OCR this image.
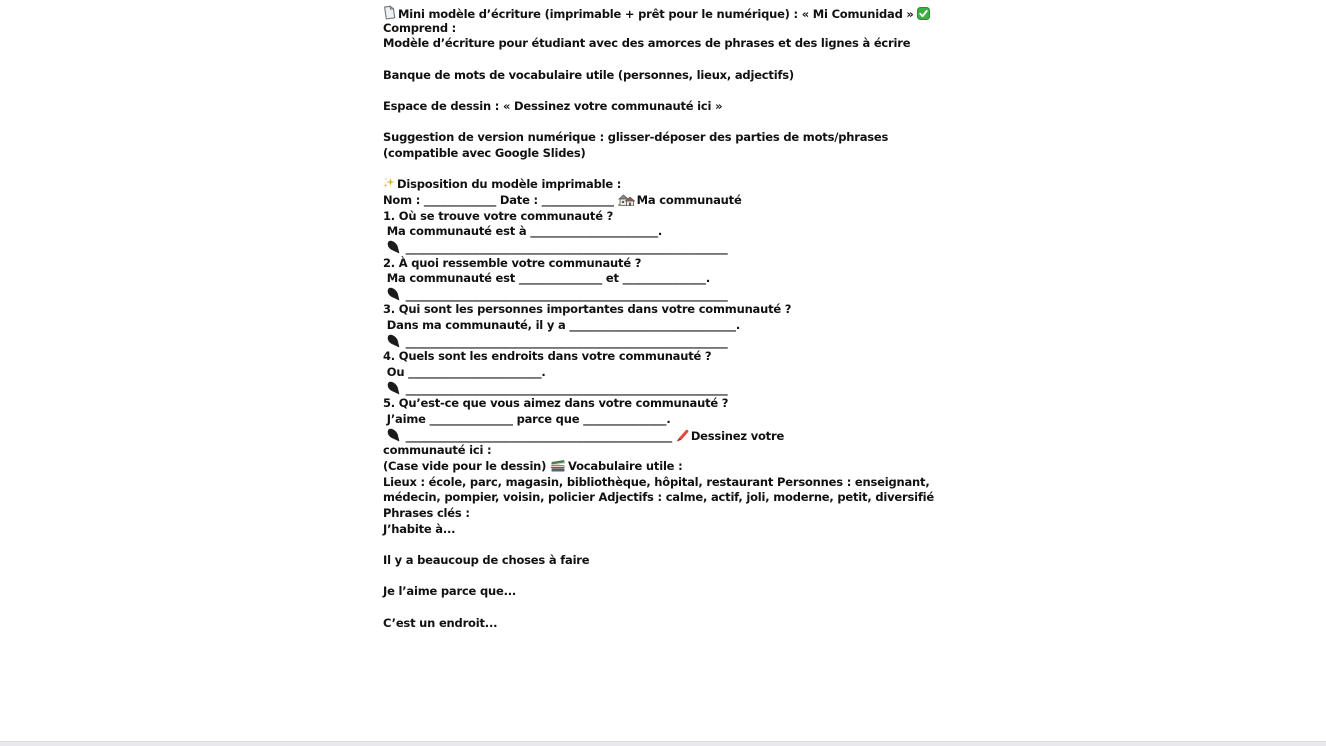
Mini modèle d’écriture (imprimable + prêt pour le numérique) : « Mi Comunidad »
Comprend :
Modèle d’écriture pour étudiant avec des amorces de phrases et des lignes à écrire
Banque de mots de vocabulaire utile (personnes, lieux, adjectifs)
Espace de dessin : « Dessinez votre communauté ici »
Suggestion de version numérique : glisser-déposer des parties de mots/phrases
(compatible avec Google Slides)
Disposition du modèle imprimable :
Nom : _____________ Date : _____________ Ma communauté
1. Où se trouve votre communauté ?
Ma communauté est à _______________________.
__________________________________________________________
2. À quoi ressemble votre communauté ?
Ma communauté est _______________ et _______________.
__________________________________________________________
3. Qui sont les personnes importantes dans votre communauté ?
Dans ma communauté, il y a ______________________________.
__________________________________________________________
4. Quels sont les endroits dans votre communauté ?
Ou ________________________.
__________________________________________________________
5. Qu’est-ce que vous aimez dans votre communauté ?
J’aime _______________ parce que _______________.
________________________________________________ Dessinez votre
communauté ici :
(Case vide pour le dessin) Vocabulaire utile :
Lieux : école, parc, magasin, bibliothèque, hôpital, restaurant Personnes : enseignant,
médecin, pompier, voisin, policier Adjectifs : calme, actif, joli, moderne, petit, diversifié
Phrases clés :
J’habite à...
Il y a beaucoup de choses à faire
Je l’aime parce que...
C’est un endroit...
